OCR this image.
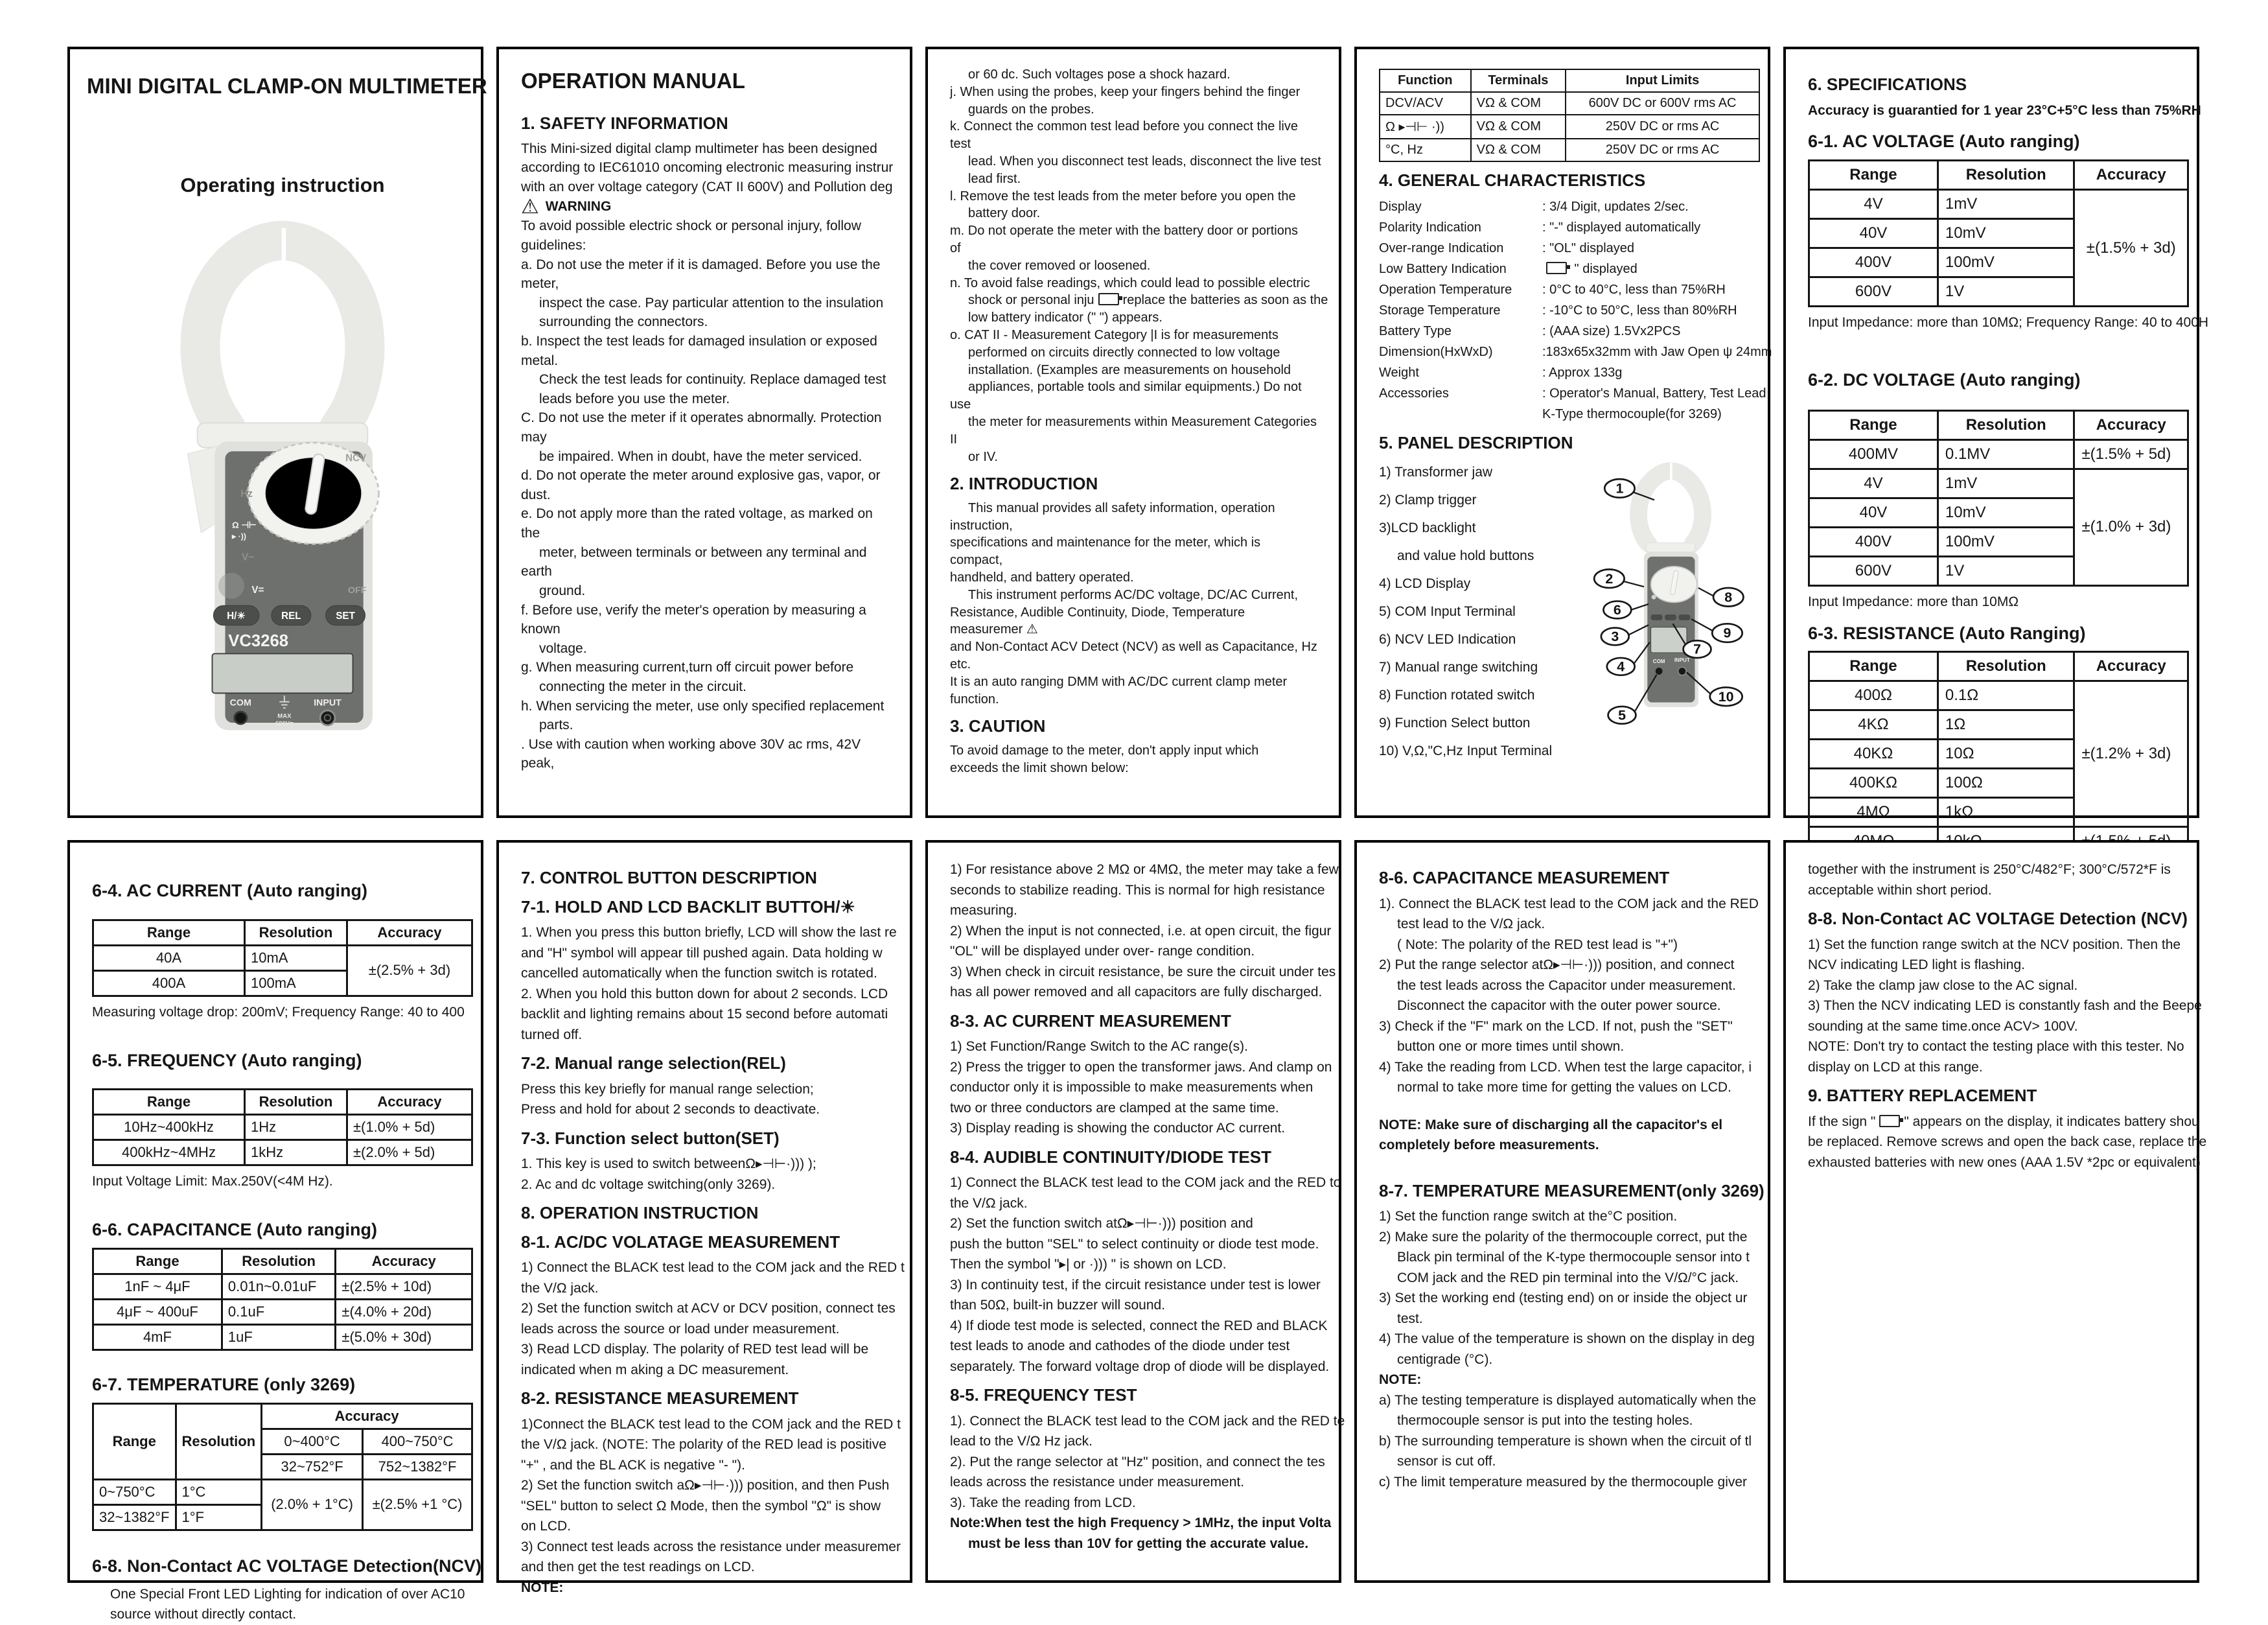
MINI DIGITAL CLAMP-ON MULTIMETER
Operating instruction
A~
NCV
Hz
Ω ⊣⊢
▸ ·))
V~
V=	OFF
H/☀	REL	SET
VC3268
COM	INPUT
MAX
600V=
OPERATION MANUAL
1. SAFETY INFORMATION

This Mini-sized digital clamp multimeter has been designed

according to IEC61010 oncoming electronic measuring instrur

with an over voltage category (CAT II 600V) and Pollution deg

⚠ WARNING

To avoid possible electric shock or personal injury, follow

guidelines:

a. Do not use the meter if it is damaged. Before you use the

meter,

inspect the case. Pay particular attention to the insulation

surrounding the connectors.

b. Inspect the test leads for damaged insulation or exposed

metal.

Check the test leads for continuity. Replace damaged test

leads before you use the meter.

C. Do not use the meter if it operates abnormally. Protection

may

be impaired. When in doubt, have the meter serviced.

d. Do not operate the meter around explosive gas, vapor, or

dust.

e. Do not apply more than the rated voltage, as marked on

the

meter, between terminals or between any terminal and

earth

ground.

f. Before use, verify the meter's operation by measuring a

known

voltage.

g. When measuring current,turn off circuit power before

connecting the meter in the circuit.

h. When servicing the meter, use only specified replacement

parts.

. Use with caution when working above 30V ac rms, 42V

peak,

or 60 dc. Such voltages pose a shock hazard.

j. When using the probes, keep your fingers behind the finger

guards on the probes.

k. Connect the common test lead before you connect the live

test

lead. When you disconnect test leads, disconnect the live test

lead first.

l. Remove the test leads from the meter before you open the

battery door.

m. Do not operate the meter with the battery door or portions

of

the cover removed or loosened.

n. To avoid false readings, which could lead to possible electric

shock or personal inju replace the batteries as soon as the

low battery indicator (" ") appears.

o. CAT II - Measurement Category |I is for measurements

performed on circuits directly connected to low voltage

installation. (Examples are measurements on household

appliances, portable tools and similar equipments.) Do not

use

the meter for measurements within Measurement Categories

II

or IV.

2. INTRODUCTION

This manual provides all safety information, operation

instruction,

specifications and maintenance for the meter, which is

compact,

handheld, and battery operated.

This instrument performs AC/DC voltage, DC/AC Current,

Resistance, Audible Continuity, Diode, Temperature

measuremer ⚠

and Non-Contact ACV Detect (NCV) as well as Capacitance, Hz

etc.

It is an auto ranging DMM with AC/DC current clamp meter

function.

3. CAUTION

To avoid damage to the meter, don't apply input which

exceeds the limit shown below:

Function	Terminals	Input Limits
DCV/ACV	VΩ & COM	600V DC or 600V rms AC
Ω ▸⊣⊢ ·))	VΩ & COM	250V DC or rms AC
°C, Hz	VΩ & COM	250V DC or rms AC
4. GENERAL CHARACTERISTICS
Display	: 3/4 Digit, updates 2/sec.
Polarity Indication	: "-" displayed automatically
Over-range Indication	: "OL" displayed
Low Battery Indication	" displayed
Operation Temperature	: 0°C to 40°C, less than 75%RH
Storage Temperature	: -10°C to 50°C, less than 80%RH
Battery Type	: (AAA size) 1.5Vx2PCS
Dimension(HxWxD)	:183x65x32mm with Jaw Open ψ 24mm
Weight	: Approx 133g
Accessories	: Operator's Manual, Battery, Test Lead
K-Type thermocouple(for 3269)
5. PANEL DESCRIPTION

1) Transformer jaw

2) Clamp trigger

3)LCD backlight

and value hold buttons

4) LCD Display

5) COM Input Terminal

6) NCV LED Indication

7) Manual range switching

8) Function rotated switch

9) Function Select button

10) V,Ω,"C,Hz Input Terminal

COM INPUT
1
2
6
3
7
4
5
8
9
10
6. SPECIFICATIONS

Accuracy is guarantied for 1 year 23°C+5°C less than 75%RH

6-1. AC VOLTAGE (Auto ranging)
Range	Resolution	Accuracy
4V	1mV	±(1.5% + 3d)
40V	10mV	
400V	100mV	
600V	1V	

Input Impedance: more than 10MΩ; Frequency Range: 40 to 400H

6-2. DC VOLTAGE (Auto ranging)
Range	Resolution	Accuracy
400MV	0.1MV	±(1.5% + 5d)
4V	1mV	±(1.0% + 3d)
40V	10mV	
400V	100mV	
600V	1V	

Input Impedance: more than 10MΩ

6-3. RESISTANCE (Auto Ranging)
Range	Resolution	Accuracy
400Ω	0.1Ω	±(1.2% + 3d)
4KΩ	1Ω	
40KΩ	10Ω	
400KΩ	100Ω	
4MΩ	1kΩ	

6-4. AC CURRENT (Auto ranging)
Range	Resolution	Accuracy
40A	10mA	±(2.5% + 3d)
400A	100mA	

Measuring voltage drop: 200mV; Frequency Range: 40 to 400

6-5. FREQUENCY (Auto ranging)
Range	Resolution	Accuracy
10Hz~400kHz	1Hz	±(1.0% + 5d)
400kHz~4MHz	1kHz	±(2.0% + 5d)

Input Voltage Limit: Max.250V(<4M Hz).

6-6. CAPACITANCE (Auto ranging)
Range	Resolution	Accuracy
1nF ~ 4μF	0.01n~0.01uF	±(2.5% + 10d)
4μF ~ 400uF	0.1uF	±(4.0% + 20d)
4mF	1uF	±(5.0% + 30d)
6-7. TEMPERATURE (only 3269)
Range	Resolution	Accuracy	
		0~400°C	400~750°C
		32~752°F	752~1382°F
0~750°C	1°C	(2.0% + 1°C)	±(2.5% +1 °C)
32~1382°F	1°F		
6-8. Non-Contact AC VOLTAGE Detection(NCV)

One Special Front LED Lighting for indication of over AC10

source without directly contact.

7. CONTROL BUTTON DESCRIPTION
7-1. HOLD AND LCD BACKLIT BUTTOH/☀

1. When you press this button briefly, LCD will show the last re

and "H" symbol will appear till pushed again. Data holding w

cancelled automatically when the function switch is rotated.

2. When you hold this button down for about 2 seconds. LCD

backlit and lighting remains about 15 second before automati

turned off.

7-2. Manual range selection(REL)

Press this key briefly for manual range selection;

Press and hold for about 2 seconds to deactivate.

7-3. Function select button(SET)

1. This key is used to switch betweenΩ▸⊣⊢·))) );

2. Ac and dc voltage switching(only 3269).

8. OPERATION INSTRUCTION
8-1. AC/DC VOLATAGE MEASUREMENT

1) Connect the BLACK test lead to the COM jack and the RED t

the V/Ω jack.

2) Set the function switch at ACV or DCV position, connect tes

leads across the source or load under measurement.

3) Read LCD display. The polarity of RED test lead will be

indicated when m aking a DC measurement.

8-2. RESISTANCE MEASUREMENT

1)Connect the BLACK test lead to the COM jack and the RED t

the V/Ω jack. (NOTE: The polarity of the RED lead is positive

"+" , and the BL ACK is negative "- ").

2) Set the function switch aΩ▸⊣⊢·))) position, and then Push

"SEL" button to select Ω Mode, then the symbol "Ω" is show

on LCD.

3) Connect test leads across the resistance under measuremer

and then get the test readings on LCD.

NOTE:

1) For resistance above 2 MΩ or 4MΩ, the meter may take a few

seconds to stabilize reading. This is normal for high resistance

measuring.

2) When the input is not connected, i.e. at open circuit, the figur

"OL" will be displayed under over- range condition.

3) When check in circuit resistance, be sure the circuit under tes

has all power removed and all capacitors are fully discharged.

8-3. AC CURRENT MEASUREMENT

1) Set Function/Range Switch to the AC range(s).

2) Press the trigger to open the transformer jaws. And clamp on

conductor only it is impossible to make measurements when

two or three conductors are clamped at the same time.

3) Display reading is showing the conductor AC current.

8-4. AUDIBLE CONTINUITY/DIODE TEST

1) Connect the BLACK test lead to the COM jack and the RED to

the V/Ω jack.

2) Set the function switch atΩ▸⊣⊢·))) position and

push the button "SEL" to select continuity or diode test mode.

Then the symbol "▸| or ·))) " is shown on LCD.

3) In continuity test, if the circuit resistance under test is lower

than 50Ω, built-in buzzer will sound.

4) If diode test mode is selected, connect the RED and BLACK

test leads to anode and cathodes of the diode under test

separately. The forward voltage drop of diode will be displayed.

8-5. FREQUENCY TEST

1). Connect the BLACK test lead to the COM jack and the RED te

lead to the V/Ω Hz jack.

2). Put the range selector at "Hz" position, and connect the tes

leads across the resistance under measurement.

3). Take the reading from LCD.

Note:When test the high Frequency > 1MHz, the input Volta

must be less than 10V for getting the accurate value.

8-6. CAPACITANCE MEASUREMENT

1). Connect the BLACK test lead to the COM jack and the RED

test lead to the V/Ω jack.

( Note: The polarity of the RED test lead is "+")

2) Put the range selector atΩ▸⊣⊢·))) position, and connect

the test leads across the Capacitor under measurement.

Disconnect the capacitor with the outer power source.

3) Check if the "F" mark on the LCD. If not, push the "SET"

button one or more times until shown.

4) Take the reading from LCD. When test the large capacitor, i

normal to take more time for getting the values on LCD.

NOTE: Make sure of discharging all the capacitor's el

completely before measurements.

8-7. TEMPERATURE MEASUREMENT(only 3269)

1) Set the function range switch at the°C position.

2) Make sure the polarity of the thermocouple correct, put the

Black pin terminal of the K-type thermocouple sensor into t

COM jack and the RED pin terminal into the V/Ω/°C jack.

3) Set the working end (testing end) on or inside the object ur

test.

4) The value of the temperature is shown on the display in deg

centigrade (°C).

NOTE:

a) The testing temperature is displayed automatically when the

thermocouple sensor is put into the testing holes.

b) The surrounding temperature is shown when the circuit of tl

sensor is cut off.

c) The limit temperature measured by the thermocouple giver

together with the instrument is 250°C/482°F; 300°C/572*F is

acceptable within short period.

8-8. Non-Contact AC VOLTAGE Detection (NCV)

1) Set the function range switch at the NCV position. Then the

NCV indicating LED light is flashing.

2) Take the clamp jaw close to the AC signal.

3) Then the NCV indicating LED is constantly fash and the Beepe

sounding at the same time.once ACV> 100V.

NOTE: Don't try to contact the testing place with this tester. No

display on LCD at this range.

9. BATTERY REPLACEMENT

If the sign " " appears on the display, it indicates battery shou

be replaced. Remove screws and open the back case, replace the

exhausted batteries with new ones (AAA 1.5V *2pc or equivalent)
